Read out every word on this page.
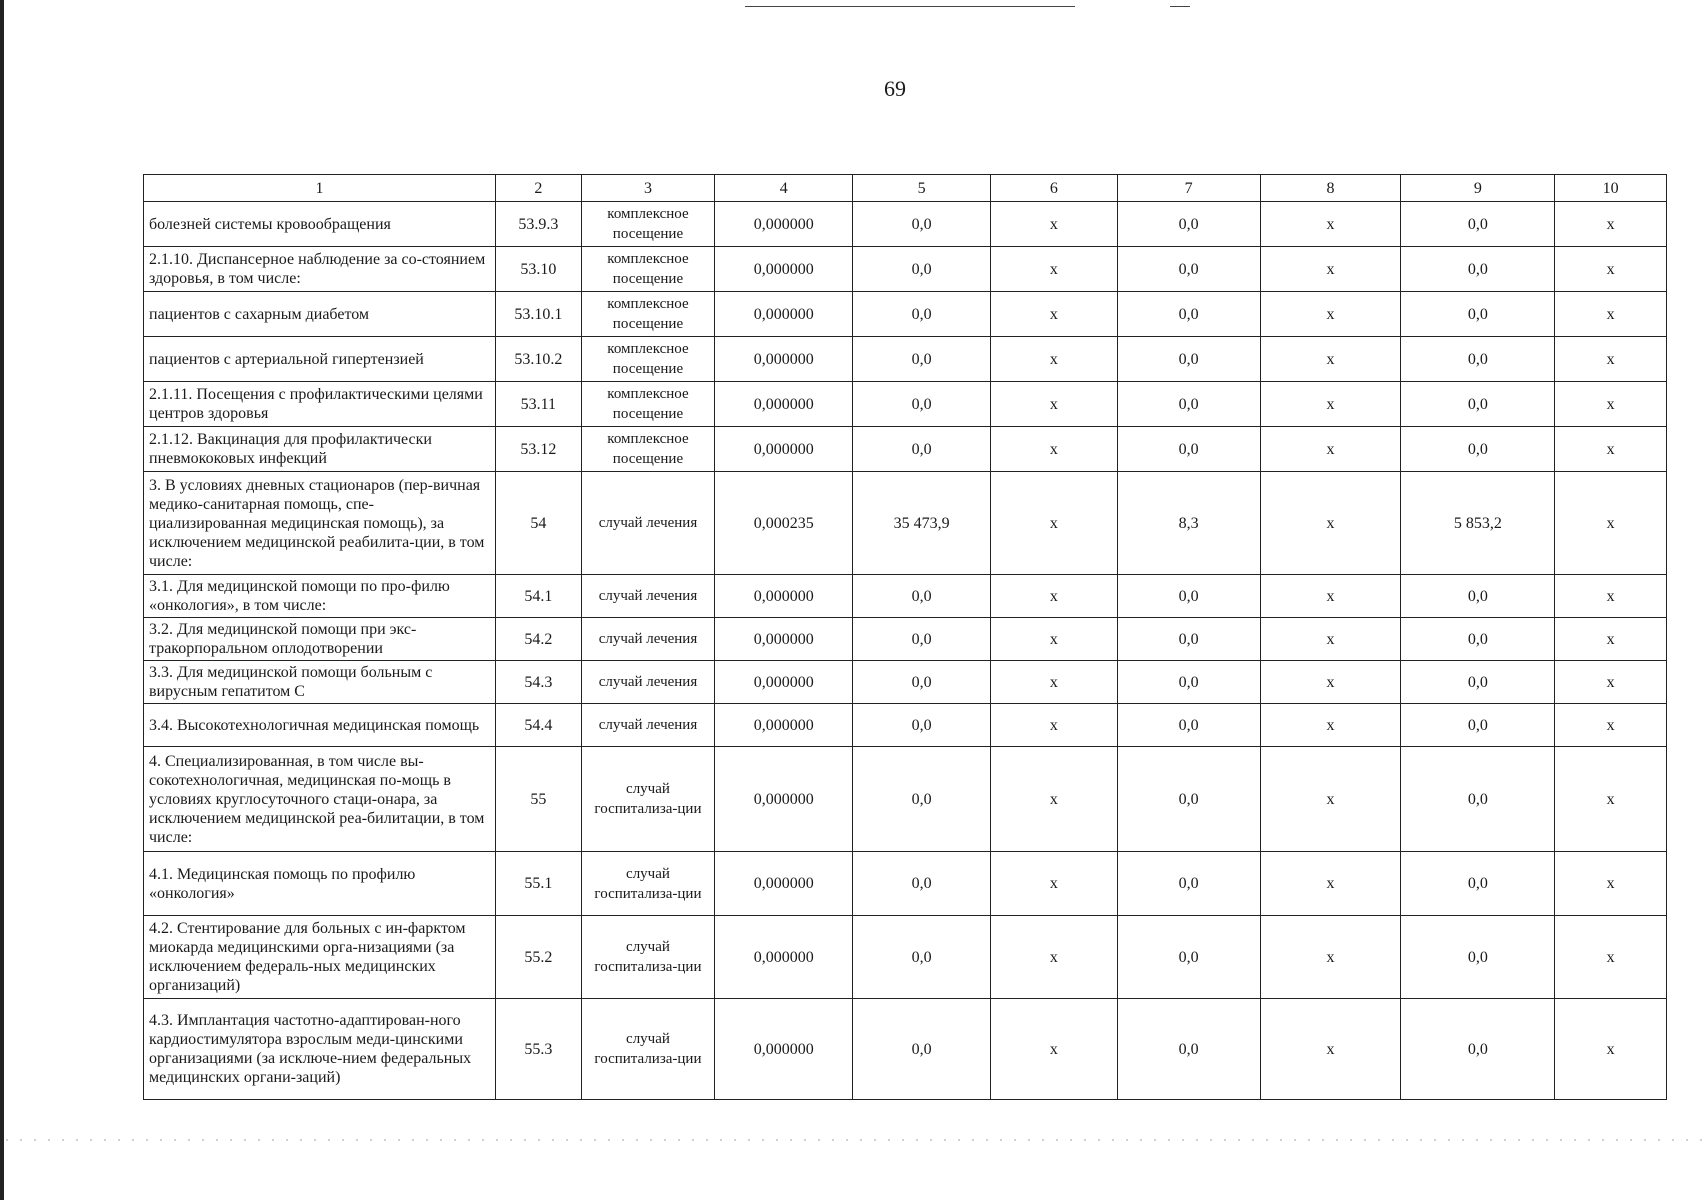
69
1	2	3	4	5	6	7	8	9	10
болезней системы кровообращения	53.9.3	комплексное посещение	0,000000	0,0	x	0,0	x	0,0	x
2.1.10. Диспансерное наблюдение за со-стоянием здоровья, в том числе:	53.10	комплексное посещение	0,000000	0,0	x	0,0	x	0,0	x
пациентов с сахарным диабетом	53.10.1	комплексное посещение	0,000000	0,0	x	0,0	x	0,0	x
пациентов с артериальной гипертензией	53.10.2	комплексное посещение	0,000000	0,0	x	0,0	x	0,0	x
2.1.11. Посещения с профилактическими целями центров здоровья	53.11	комплексное посещение	0,000000	0,0	x	0,0	x	0,0	x
2.1.12. Вакцинация для профилактически пневмококовых инфекций	53.12	комплексное посещение	0,000000	0,0	x	0,0	x	0,0	x
3. В условиях дневных стационаров (пер-вичная медико-санитарная помощь, спе-циализированная медицинская помощь), за исключением медицинской реабилита-ции, в том числе:	54	случай лечения	0,000235	35 473,9	x	8,3	x	5 853,2	x
3.1. Для медицинской помощи по про-филю «онкология», в том числе:	54.1	случай лечения	0,000000	0,0	x	0,0	x	0,0	x
3.2. Для медицинской помощи при экс-тракорпоральном оплодотворении	54.2	случай лечения	0,000000	0,0	x	0,0	x	0,0	x
3.3. Для медицинской помощи больным с вирусным гепатитом С	54.3	случай лечения	0,000000	0,0	x	0,0	x	0,0	x
3.4. Высокотехнологичная медицинская помощь	54.4	случай лечения	0,000000	0,0	x	0,0	x	0,0	x
4. Специализированная, в том числе вы-сокотехнологичная, медицинская по-мощь в условиях круглосуточного стаци-онара, за исключением медицинской реа-билитации, в том числе:	55	случай госпитализа-ции	0,000000	0,0	x	0,0	x	0,0	x
4.1. Медицинская помощь по профилю «онкология»	55.1	случай госпитализа-ции	0,000000	0,0	x	0,0	x	0,0	x
4.2. Стентирование для больных с ин-фарктом миокарда медицинскими орга-низациями (за исключением федераль-ных медицинских организаций)	55.2	случай госпитализа-ции	0,000000	0,0	x	0,0	x	0,0	x
4.3. Имплантация частотно-адаптирован-ного кардиостимулятора взрослым меди-цинскими организациями (за исключе-нием федеральных медицинских органи-заций)	55.3	случай госпитализа-ции	0,000000	0,0	x	0,0	x	0,0	x
